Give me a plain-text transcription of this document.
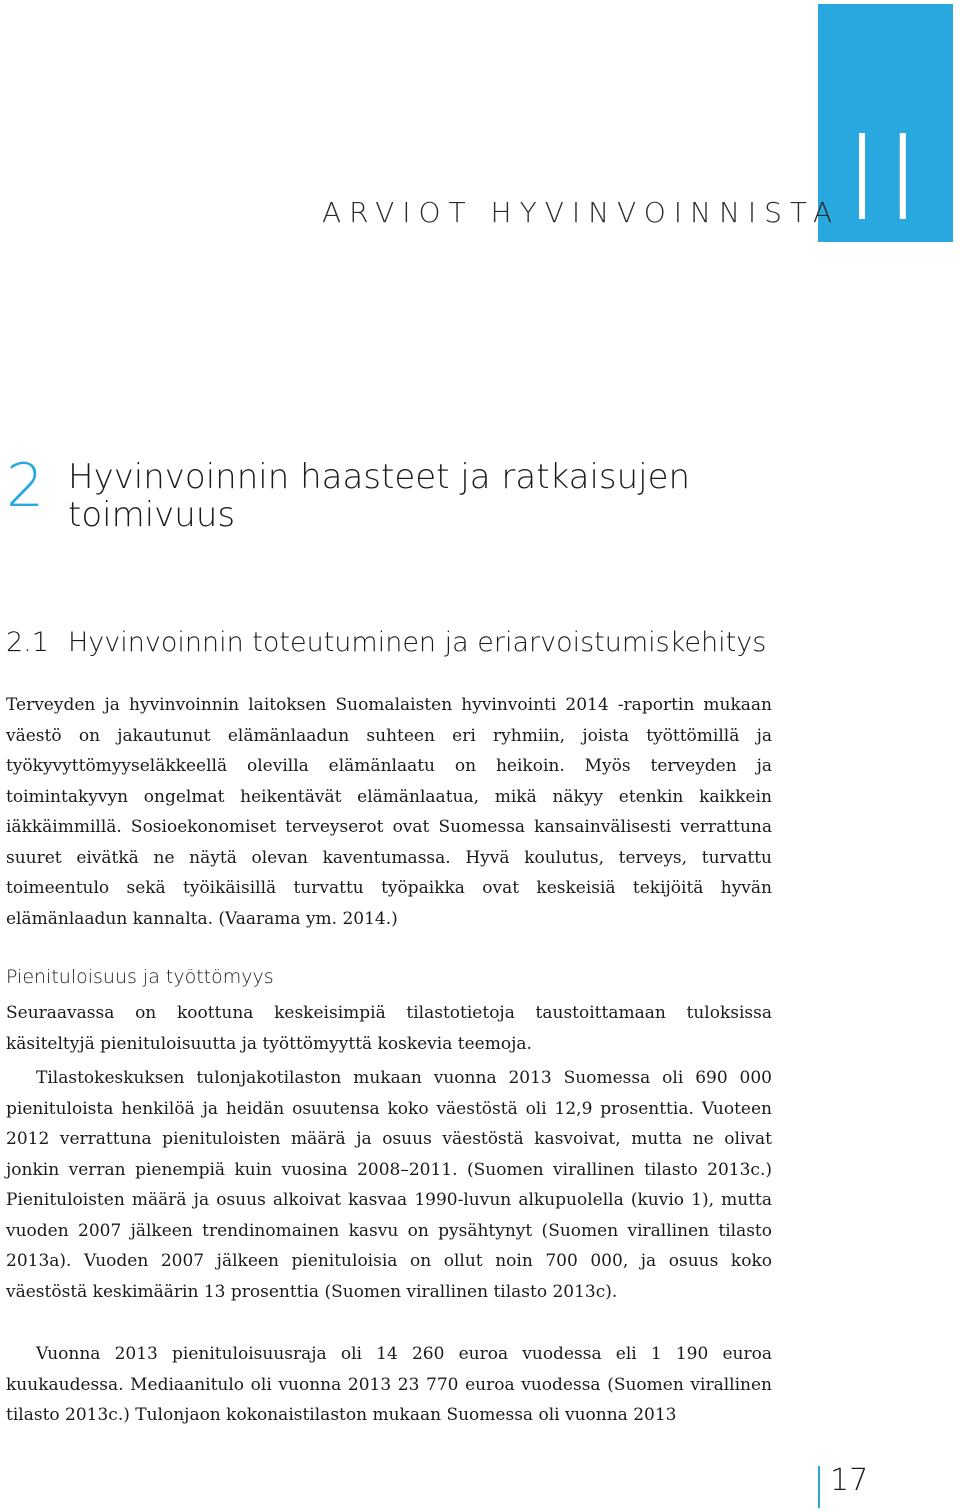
II
ARVIOT HYVINVOINNISTA
2 Hyvinvoinnin haasteet ja ratkaisujen toimivuus
2.1 Hyvinvoinnin toteutuminen ja eriarvoistumiskehitys

Terveyden ja hyvinvoinnin laitoksen Suomalaisten hyvinvointi 2014 -raportin mukaan väestö on jakautunut elämänlaadun suhteen eri ryhmiin, joista työttömillä ja työkyvyttömyyseläkkeellä olevilla elämänlaatu on heikoin. Myös terveyden ja toimintakyvyn ongelmat heikentävät elämänlaatua, mikä näkyy etenkin kaikkein iäkkäimmillä. Sosioekonomiset terveyserot ovat Suomessa kansainvälisesti verrattuna suuret eivätkä ne näytä olevan kaventumassa. Hyvä koulutus, terveys, turvattu toimeentulo sekä työikäisillä turvattu työpaikka ovat keskeisiä tekijöitä hyvän elämänlaadun kannalta. (Vaarama ym. 2014.)

Pienituloisuus ja työttömyys

Seuraavassa on koottuna keskeisimpiä tilastotietoja taustoittamaan tuloksissa käsiteltyjä pienituloisuutta ja työttömyyttä koskevia teemoja.

Tilastokeskuksen tulonjakotilaston mukaan vuonna 2013 Suomessa oli 690 000 pienituloista henkilöä ja heidän osuutensa koko väestöstä oli 12,9 prosenttia. Vuoteen 2012 verrattuna pienituloisten määrä ja osuus väestöstä kasvoivat, mutta ne olivat jonkin verran pienempiä kuin vuosina 2008–2011. (Suomen virallinen tilasto 2013c.) Pienituloisten määrä ja osuus alkoivat kasvaa 1990-luvun alkupuolella (kuvio 1), mutta vuoden 2007 jälkeen trendinomainen kasvu on pysähtynyt (Suomen virallinen tilasto 2013a). Vuoden 2007 jälkeen pienituloisia on ollut noin 700 000, ja osuus koko väestöstä keskimäärin 13 prosenttia (Suomen virallinen tilasto 2013c).

Vuonna 2013 pienituloisuusraja oli 14 260 euroa vuodessa eli 1 190 euroa kuukaudessa. Mediaanitulo oli vuonna 2013 23 770 euroa vuodessa (Suomen virallinen tilasto 2013c.) Tulonjaon kokonaistilaston mukaan Suomessa oli vuonna 2013

17
